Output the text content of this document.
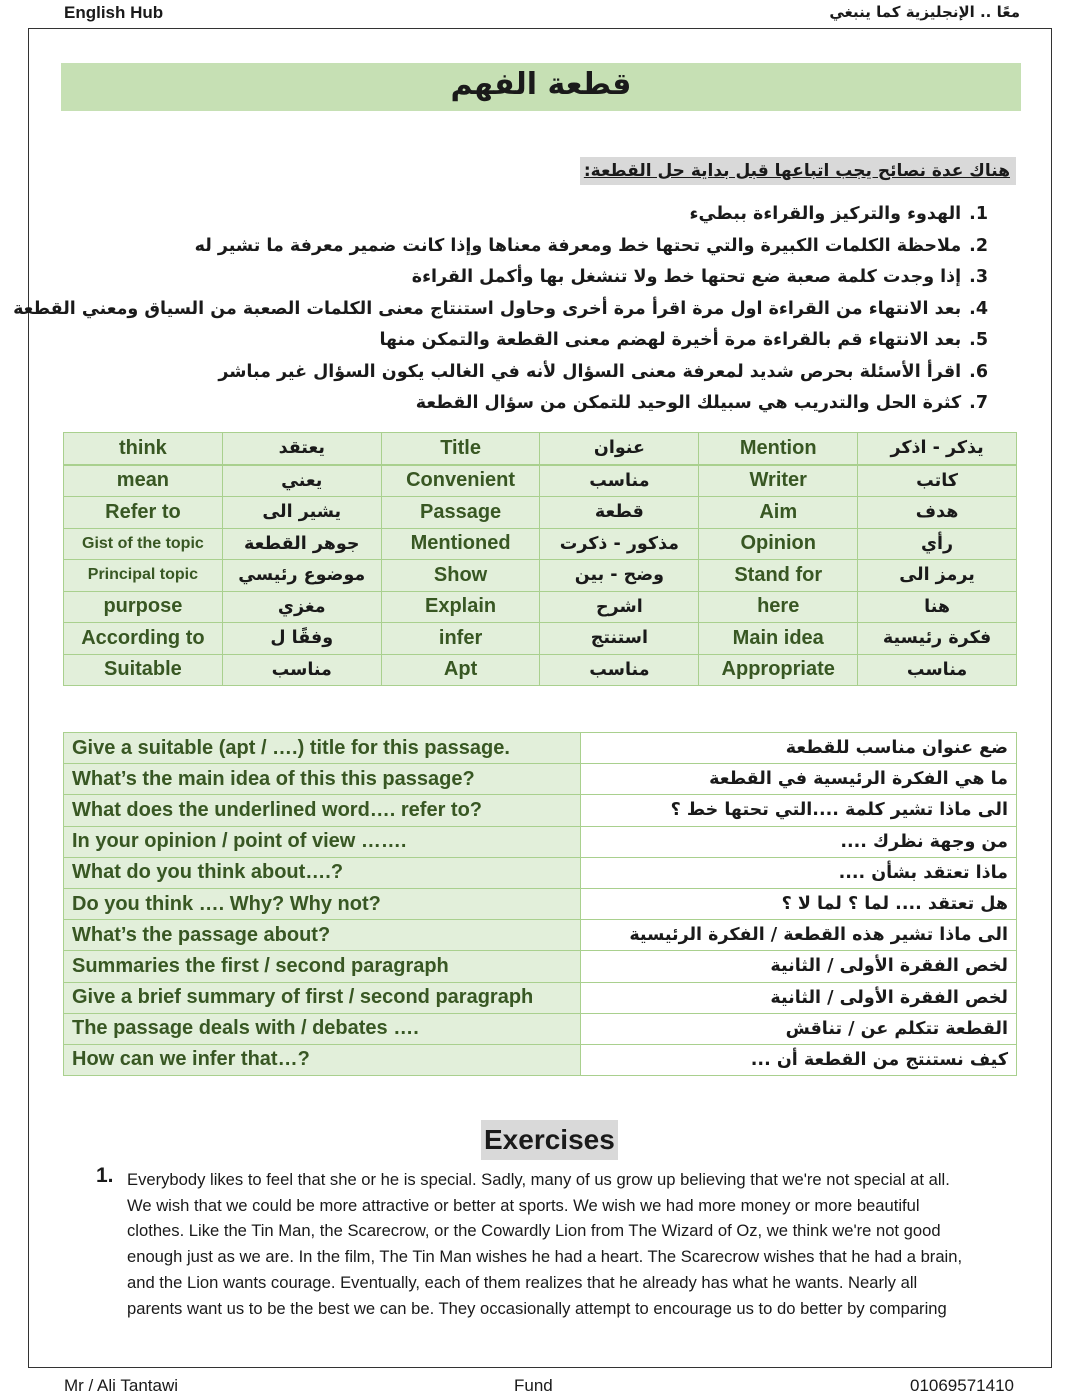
English Hub	معًا .. الإنجليزية كما ينبغي
قطعة الفهم
هناك عدة نصائح يجب اتباعها قبل بداية حل القطعة:
1.الهدوء والتركيز والقراءة ببطيء
2.ملاحظة الكلمات الكبيرة والتي تحتها خط ومعرفة معناها وإذا كانت ضمير معرفة ما تشير له
3.إذا وجدت كلمة صعبة ضع تحتها خط ولا تنشغل بها وأكمل القراءة
4.بعد الانتهاء من القراءة اول مرة اقرأ مرة أخرى وحاول استنتاج معنى الكلمات الصعبة من السياق ومعني القطعة
5.بعد الانتهاء قم بالقراءة مرة أخيرة لهضم معنى القطعة والتمكن منها
6.اقرأ الأسئلة بحرص شديد لمعرفة معنى السؤال لأنه في الغالب يكون السؤال غير مباشر
7.كثرة الحل والتدريب هي سبيلك الوحيد للتمكن من سؤال القطعة
think	يعتقد	Title	عنوان	Mention	يذكر - اذكر
mean	يعني	Convenient	مناسب	Writer	كاتب
Refer to	يشير الى	Passage	قطعة	Aim	هدف
Gist of the topic	جوهر القطعة	Mentioned	مذكور - ذكرت	Opinion	رأي
Principal topic	موضوع رئيسي	Show	وضح - بين	Stand for	يرمز الى
purpose	مغزي	Explain	اشرح	here	هنا
According to	وفقًا ل	infer	استنتج	Main idea	فكرة رئيسية
Suitable	مناسب	Apt	مناسب	Appropriate	مناسب
Give a suitable (apt / ….) title for this passage.	ضع عنوان مناسب للقطعة
What’s the main idea of this this passage?	ما هي الفكرة الرئيسية في القطعة
What does the underlined word…. refer to?	الى ماذا تشير كلمة ....التي تحتها خط ؟
In your opinion / point of view …….	من وجهة نظرك ....
What do you think about….?	ماذا تعتقد بشأن ....
Do you think …. Why? Why not?	هل تعتقد .... لما ؟ لما لا ؟
What’s the passage about?	الى ماذا تشير هذه القطعة / الفكرة الرئيسية
Summaries the first / second paragraph	لخص الفقرة الأولى / الثانية
Give a brief summary of first / second paragraph	لخص الفقرة الأولى / الثانية
The passage deals with / debates ….	القطعة تتكلم عن / تناقش
How can we infer that…?	كيف نستنتج من القطعة أن ...
Exercises
1. Everybody likes to feel that she or he is special. Sadly, many of us grow up believing that we're not special at all.
We wish that we could be more attractive or better at sports. We wish we had more money or more beautiful
clothes. Like the Tin Man, the Scarecrow, or the Cowardly Lion from The Wizard of Oz, we think we're not good
enough just as we are. In the film, The Tin Man wishes he had a heart. The Scarecrow wishes that he had a brain,
and the Lion wants courage. Eventually, each of them realizes that he already has what he wants. Nearly all
parents want us to be the best we can be. They occasionally attempt to encourage us to do better by comparing
Mr / Ali Tantawi	Fund	01069571410
